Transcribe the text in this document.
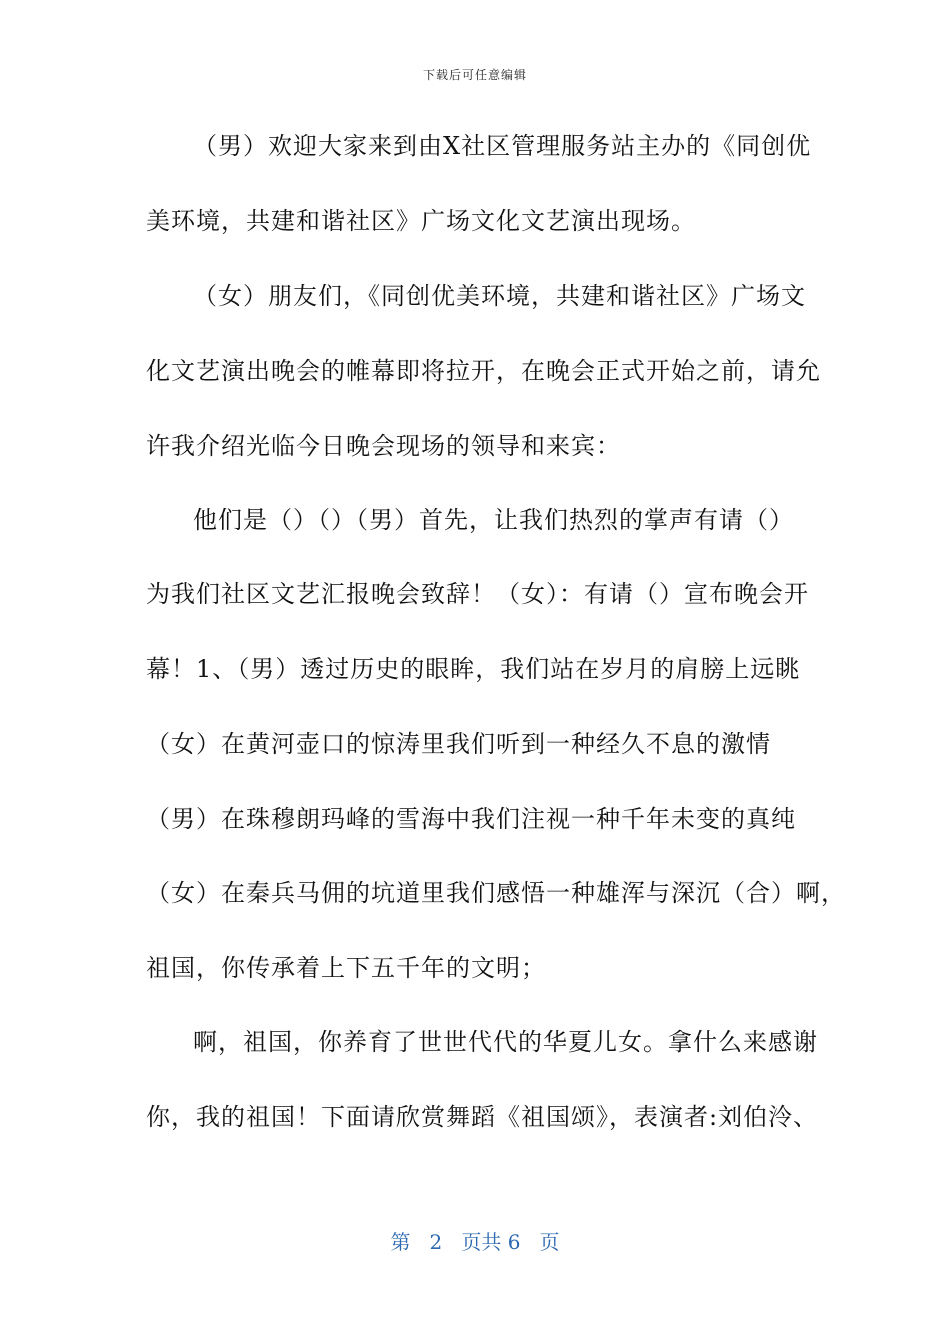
下载后可任意编辑
（男）欢迎大家来到由X社区管理服务站主办的《同创优
美环境，共建和谐社区》广场文化文艺演出现场。
（女）朋友们，《同创优美环境，共建和谐社区》广场文
化文艺演出晚会的帷幕即将拉开，在晚会正式开始之前，请允
许我介绍光临今日晚会现场的领导和来宾：
他们是（）（）（男）首先，让我们热烈的掌声有请（）
为我们社区文艺汇报晚会致辞！（女）：有请（）宣布晚会开
幕！1、（男）透过历史的眼眸，我们站在岁月的肩膀上远眺
（女）在黄河壶口的惊涛里我们听到一种经久不息的激情
（男）在珠穆朗玛峰的雪海中我们注视一种千年未变的真纯
（女）在秦兵马佣的坑道里我们感悟一种雄浑与深沉（合）啊，
祖国，你传承着上下五千年的文明；
啊，祖国，你养育了世世代代的华夏儿女。拿什么来感谢
你，我的祖国！下面请欣赏舞蹈《祖国颂》，表演者:刘伯泠、
第 2 页共 6 页
